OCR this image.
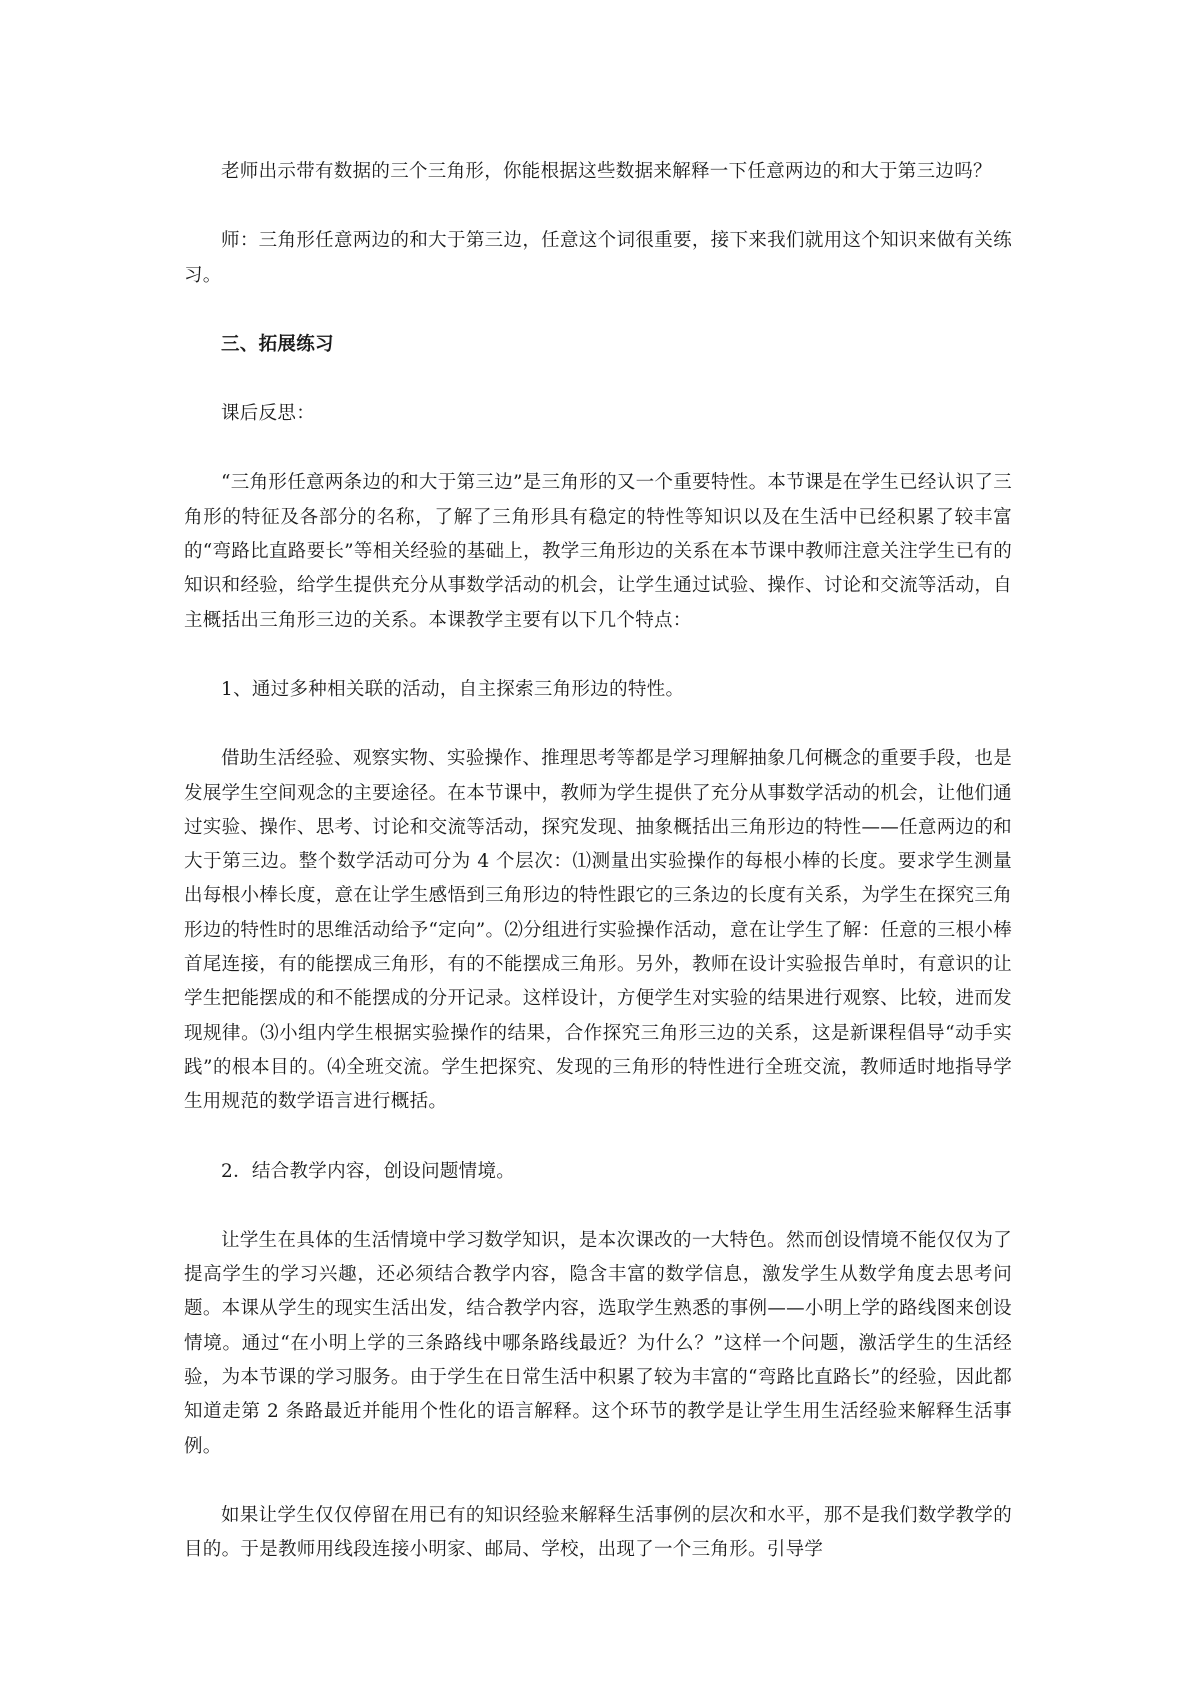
老师出示带有数据的三个三角形，你能根据这些数据来解释一下任意两边的和大于第三边吗？

师：三角形任意两边的和大于第三边，任意这个词很重要，接下来我们就用这个知识来做有关练习。

三、拓展练习

课后反思：

“三角形任意两条边的和大于第三边”是三角形的又一个重要特性。本节课是在学生已经认识了三角形的特征及各部分的名称，了解了三角形具有稳定的特性等知识以及在生活中已经积累了较丰富的“弯路比直路要长”等相关经验的基础上，教学三角形边的关系在本节课中教师注意关注学生已有的知识和经验，给学生提供充分从事数学活动的机会，让学生通过试验、操作、讨论和交流等活动，自主概括出三角形三边的关系。本课教学主要有以下几个特点：

1、通过多种相关联的活动，自主探索三角形边的特性。

借助生活经验、观察实物、实验操作、推理思考等都是学习理解抽象几何概念的重要手段，也是发展学生空间观念的主要途径。在本节课中，教师为学生提供了充分从事数学活动的机会，让他们通过实验、操作、思考、讨论和交流等活动，探究发现、抽象概括出三角形边的特性——任意两边的和大于第三边。整个数学活动可分为 4 个层次：⑴测量出实验操作的每根小棒的长度。要求学生测量出每根小棒长度，意在让学生感悟到三角形边的特性跟它的三条边的长度有关系，为学生在探究三角形边的特性时的思维活动给予“定向”。⑵分组进行实验操作活动，意在让学生了解：任意的三根小棒首尾连接，有的能摆成三角形，有的不能摆成三角形。另外，教师在设计实验报告单时，有意识的让学生把能摆成的和不能摆成的分开记录。这样设计，方便学生对实验的结果进行观察、比较，进而发现规律。⑶小组内学生根据实验操作的结果，合作探究三角形三边的关系，这是新课程倡导“动手实践”的根本目的。⑷全班交流。学生把探究、发现的三角形的特性进行全班交流，教师适时地指导学生用规范的数学语言进行概括。

2．结合教学内容，创设问题情境。

让学生在具体的生活情境中学习数学知识，是本次课改的一大特色。然而创设情境不能仅仅为了提高学生的学习兴趣，还必须结合教学内容，隐含丰富的数学信息，激发学生从数学角度去思考问题。本课从学生的现实生活出发，结合教学内容，选取学生熟悉的事例——小明上学的路线图来创设情境。通过“在小明上学的三条路线中哪条路线最近？为什么？”这样一个问题，激活学生的生活经验，为本节课的学习服务。由于学生在日常生活中积累了较为丰富的“弯路比直路长”的经验，因此都知道走第 2 条路最近并能用个性化的语言解释。这个环节的教学是让学生用生活经验来解释生活事例。

如果让学生仅仅停留在用已有的知识经验来解释生活事例的层次和水平，那不是我们数学教学的目的。于是教师用线段连接小明家、邮局、学校，出现了一个三角形。引导学
